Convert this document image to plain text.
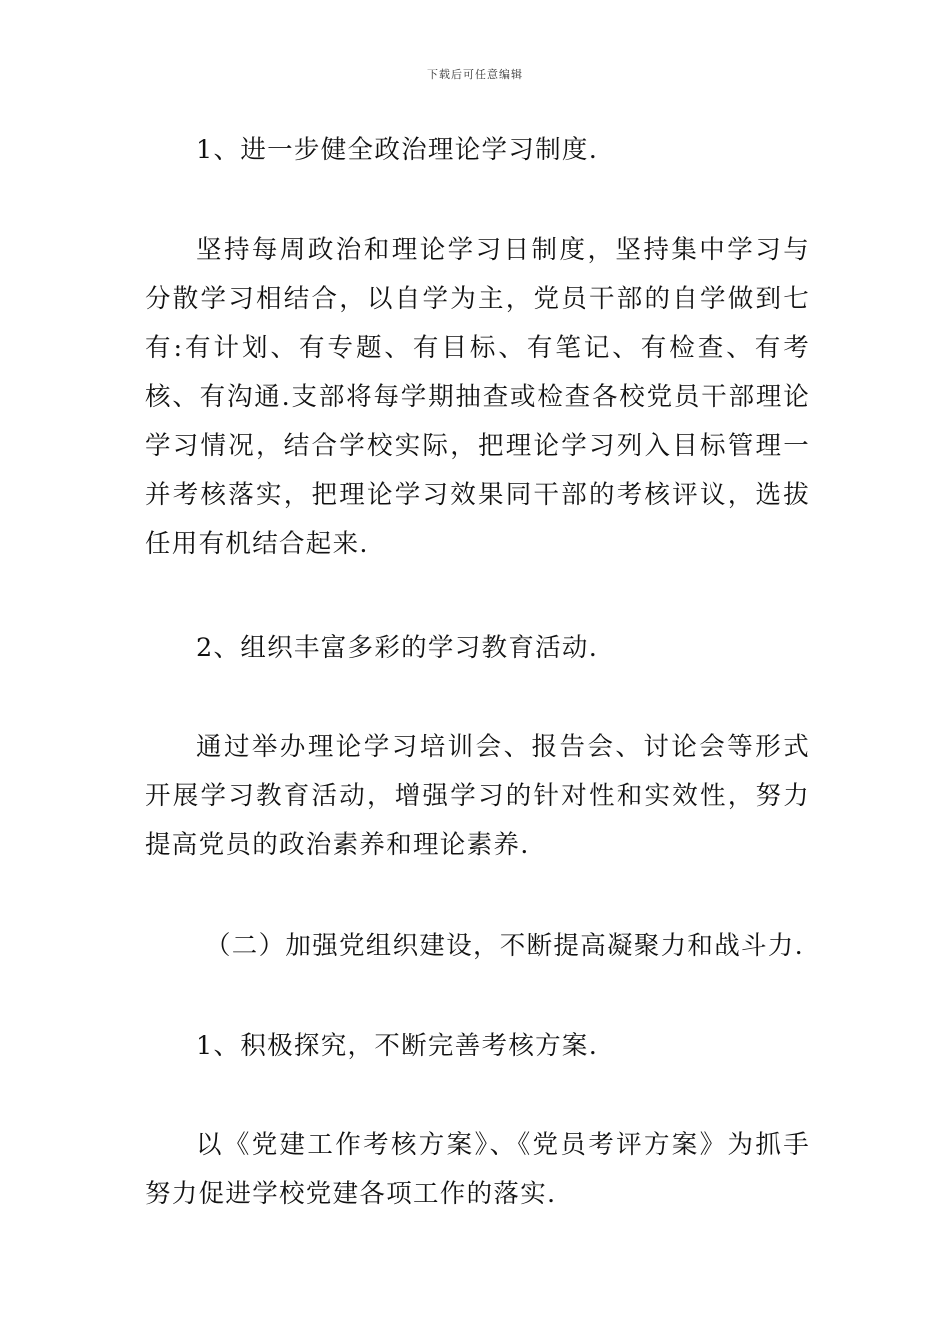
下载后可任意编辑

1、进一步健全政治理论学习制度.

坚持每周政治和理论学习日制度，坚持集中学习与分散学习相结合，以自学为主，党员干部的自学做到七有:有计划、有专题、有目标、有笔记、有检查、有考核、有沟通.支部将每学期抽查或检查各校党员干部理论学习情况，结合学校实际，把理论学习列入目标管理一并考核落实，把理论学习效果同干部的考核评议，选拔任用有机结合起来.

2、组织丰富多彩的学习教育活动.

通过举办理论学习培训会、报告会、讨论会等形式开展学习教育活动，增强学习的针对性和实效性，努力提高党员的政治素养和理论素养.

（二）加强党组织建设，不断提高凝聚力和战斗力.

1、积极探究，不断完善考核方案.

以《党建工作考核方案》、《党员考评方案》为抓手努力促进学校党建各项工作的落实.
